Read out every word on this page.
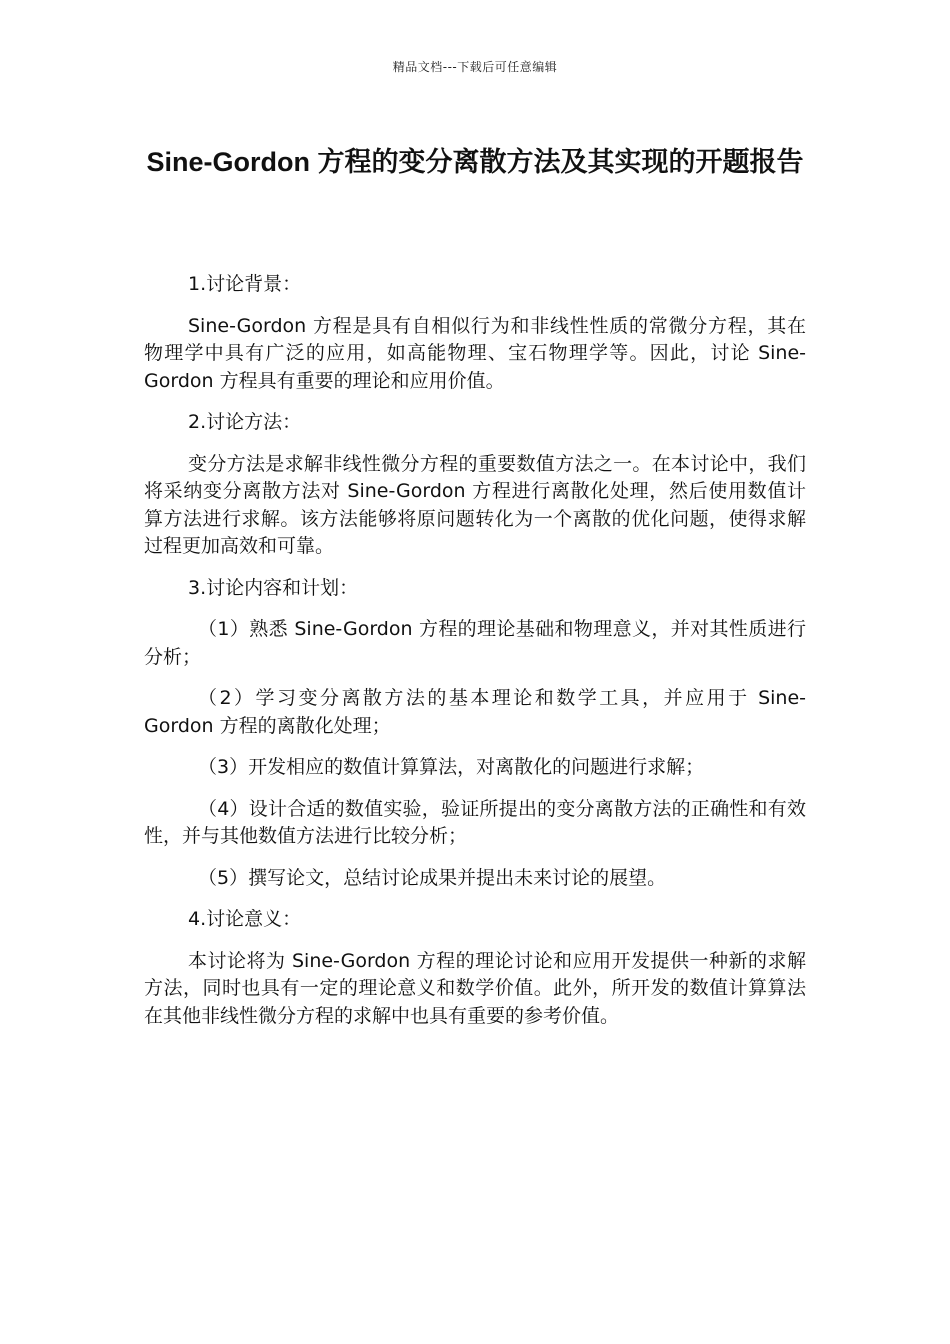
精品文档---下载后可任意编辑
Sine-Gordon 方程的变分离散方法及其实现的开题报告

1.讨论背景：

Sine-Gordon 方程是具有自相似行为和非线性性质的常微分方程，其在物理学中具有广泛的应用，如高能物理、宝石物理学等。因此，讨论 Sine-Gordon 方程具有重要的理论和应用价值。

2.讨论方法：

变分方法是求解非线性微分方程的重要数值方法之一。在本讨论中，我们将采纳变分离散方法对 Sine-Gordon 方程进行离散化处理，然后使用数值计算方法进行求解。该方法能够将原问题转化为一个离散的优化问题，使得求解过程更加高效和可靠。

3.讨论内容和计划：

（1）熟悉 Sine-Gordon 方程的理论基础和物理意义，并对其性质进行分析；

（2）学习变分离散方法的基本理论和数学工具，并应用于 Sine-Gordon 方程的离散化处理；

（3）开发相应的数值计算算法，对离散化的问题进行求解；

（4）设计合适的数值实验，验证所提出的变分离散方法的正确性和有效性，并与其他数值方法进行比较分析；

（5）撰写论文，总结讨论成果并提出未来讨论的展望。

4.讨论意义：

本讨论将为 Sine-Gordon 方程的理论讨论和应用开发提供一种新的求解方法，同时也具有一定的理论意义和数学价值。此外，所开发的数值计算算法在其他非线性微分方程的求解中也具有重要的参考价值。
